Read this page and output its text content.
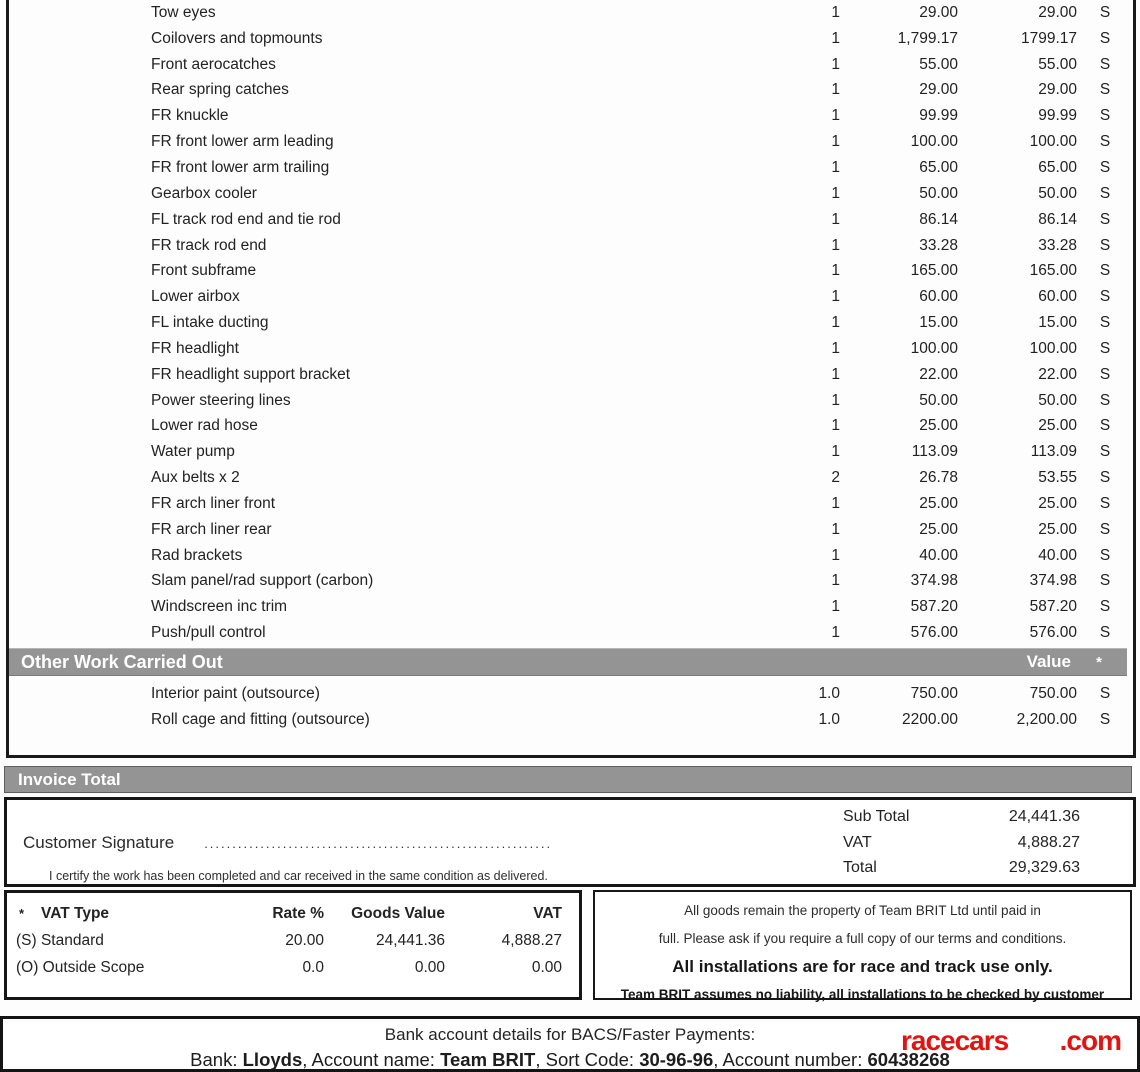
Tow eyes	1	29.00	29.00	S
Coilovers and topmounts	1	1,799.17	1799.17	S
Front aerocatches	1	55.00	55.00	S
Rear spring catches	1	29.00	29.00	S
FR knuckle	1	99.99	99.99	S
FR front lower arm leading	1	100.00	100.00	S
FR front lower arm trailing	1	65.00	65.00	S
Gearbox cooler	1	50.00	50.00	S
FL track rod end and tie rod	1	86.14	86.14	S
FR track rod end	1	33.28	33.28	S
Front subframe	1	165.00	165.00	S
Lower airbox	1	60.00	60.00	S
FL intake ducting	1	15.00	15.00	S
FR headlight	1	100.00	100.00	S
FR headlight support bracket	1	22.00	22.00	S
Power steering lines	1	50.00	50.00	S
Lower rad hose	1	25.00	25.00	S
Water pump	1	113.09	113.09	S
Aux belts x 2	2	26.78	53.55	S
FR arch liner front	1	25.00	25.00	S
FR arch liner rear	1	25.00	25.00	S
Rad brackets	1	40.00	40.00	S
Slam panel/rad support (carbon)	1	374.98	374.98	S
Windscreen inc trim	1	587.20	587.20	S
Push/pull control	1	576.00	576.00	S
Other Work Carried Out	Value	*
Interior paint (outsource)	1.0	750.00	750.00	S
Roll cage and fitting (outsource)	1.0	2200.00	2,200.00	S
Invoice Total
Customer Signature ..............................................................
I certify the work has been completed and car received in the same condition as delivered.
Sub Total	24,441.36
VAT	4,888.27
Total	29,329.63
*	VAT Type	Rate %	Goods Value	VAT
(S) Standard	20.00	24,441.36	4,888.27
(O) Outside Scope	0.0	0.00	0.00
All goods remain the property of Team BRIT Ltd until paid in
full. Please ask if you require a full copy of our terms and conditions.
All installations are for race and track use only.
Team BRIT assumes no liability, all installations to be checked by customer
Bank account details for BACS/Faster Payments:
Bank: Lloyds, Account name: Team BRIT, Sort Code: 30-96-96, Account number: 60438268
racecars .com
